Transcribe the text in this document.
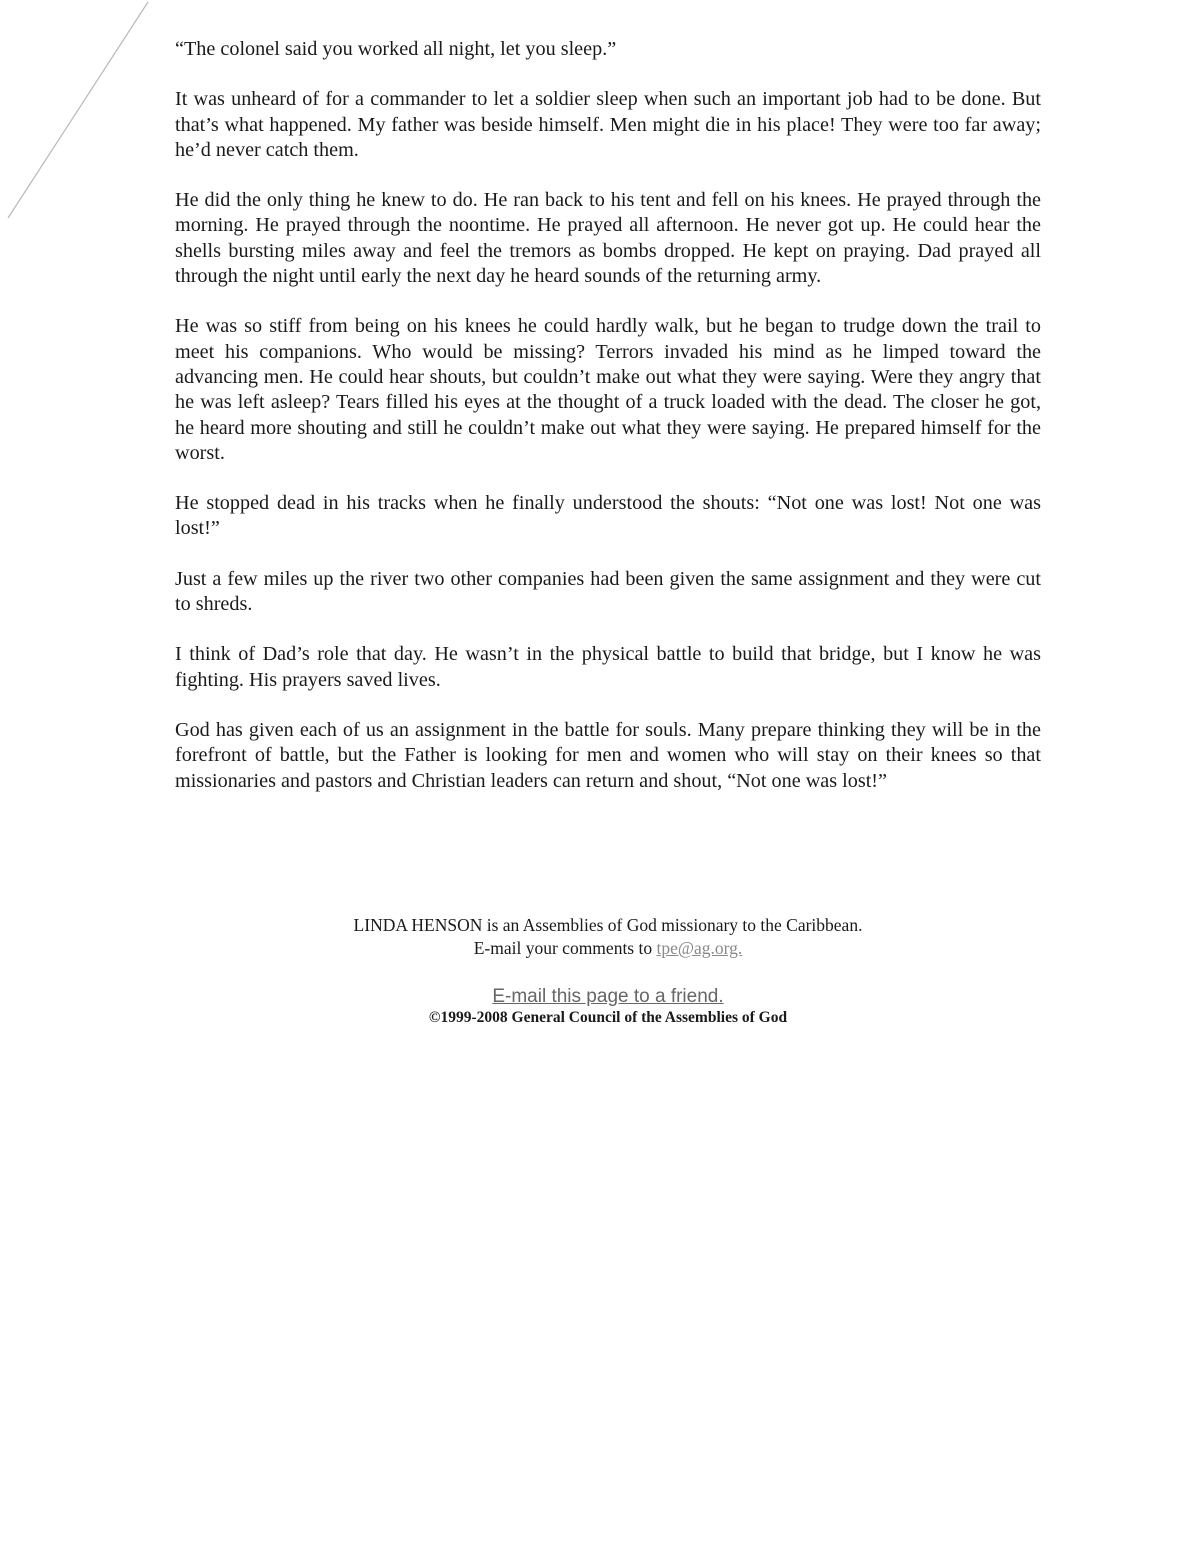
“The colonel said you worked all night, let you sleep.”

It was unheard of for a commander to let a soldier sleep when such an important job had to be done. But that’s what happened. My father was beside himself. Men might die in his place! They were too far away; he’d never catch them.

He did the only thing he knew to do. He ran back to his tent and fell on his knees. He prayed through the morning. He prayed through the noontime. He prayed all afternoon. He never got up. He could hear the shells bursting miles away and feel the tremors as bombs dropped. He kept on praying. Dad prayed all through the night until early the next day he heard sounds of the returning army.

He was so stiff from being on his knees he could hardly walk, but he began to trudge down the trail to meet his companions. Who would be missing? Terrors invaded his mind as he limped toward the advancing men. He could hear shouts, but couldn’t make out what they were saying. Were they angry that he was left asleep? Tears filled his eyes at the thought of a truck loaded with the dead. The closer he got, he heard more shouting and still he couldn’t make out what they were saying. He prepared himself for the worst.

He stopped dead in his tracks when he finally understood the shouts: “Not one was lost! Not one was lost!”

Just a few miles up the river two other companies had been given the same assignment and they were cut to shreds.

I think of Dad’s role that day. He wasn’t in the physical battle to build that bridge, but I know he was fighting. His prayers saved lives.

God has given each of us an assignment in the battle for souls. Many prepare thinking they will be in the forefront of battle, but the Father is looking for men and women who will stay on their knees so that missionaries and pastors and Christian leaders can return and shout, “Not one was lost!”

LINDA HENSON is an Assemblies of God missionary to the Caribbean.

E-mail your comments to tpe@ag.org.

E-mail this page to a friend.

©1999-2008 General Council of the Assemblies of God
